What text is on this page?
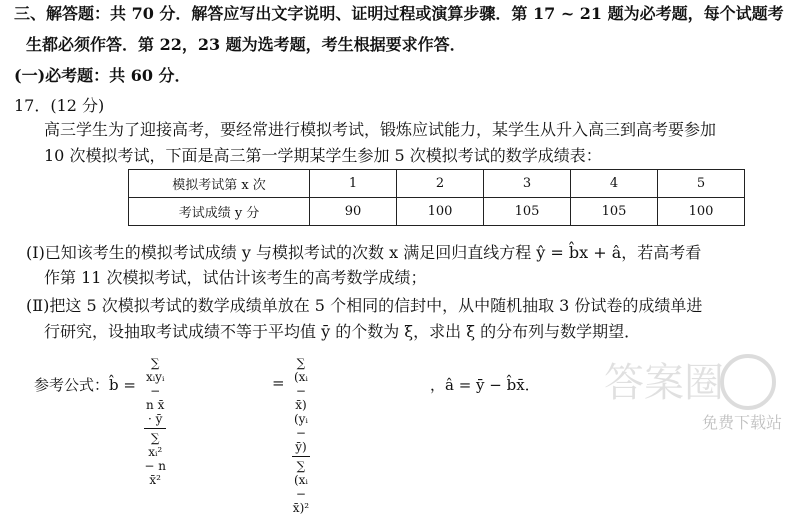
三、解答题：共 70 分．解答应写出文字说明、证明过程或演算步骤．第 17 ~ 21 题为必考题，每个试题考
生都必须作答．第 22，23 题为选考题，考生根据要求作答．
(一)必考题：共 60 分．
17．(12 分)
高三学生为了迎接高考，要经常进行模拟考试，锻炼应试能力，某学生从升入高三到高考要参加
10 次模拟考试，下面是高三第一学期某学生参加 5 次模拟考试的数学成绩表：
模拟考试第 x 次	1	2	3	4	5
考试成绩 y 分	90	100	105	105	100
(Ⅰ)已知该考生的模拟考试成绩 y 与模拟考试的次数 x 满足回归直线方程 ŷ = b̂x + â，若高考看
作第 11 次模拟考试，试估计该考生的高考数学成绩；
(Ⅱ)把这 5 次模拟考试的数学成绩单放在 5 个相同的信封中，从中随机抽取 3 份试卷的成绩单进
行研究，设抽取考试成绩不等于平均值 ȳ 的个数为 ξ，求出 ξ 的分布列与数学期望．
参考公式：b̂ =
∑ xᵢyᵢ − n x̄ · ȳ
∑ xᵢ² − n x̄²
= $\frac{\text{∑ (xᵢ − x̄)(yᵢ − ȳ)}}{\text{∑ (xᵢ − x̄)²}}$	，â = ȳ − b̂x̄． 答案圈
免费下载站
